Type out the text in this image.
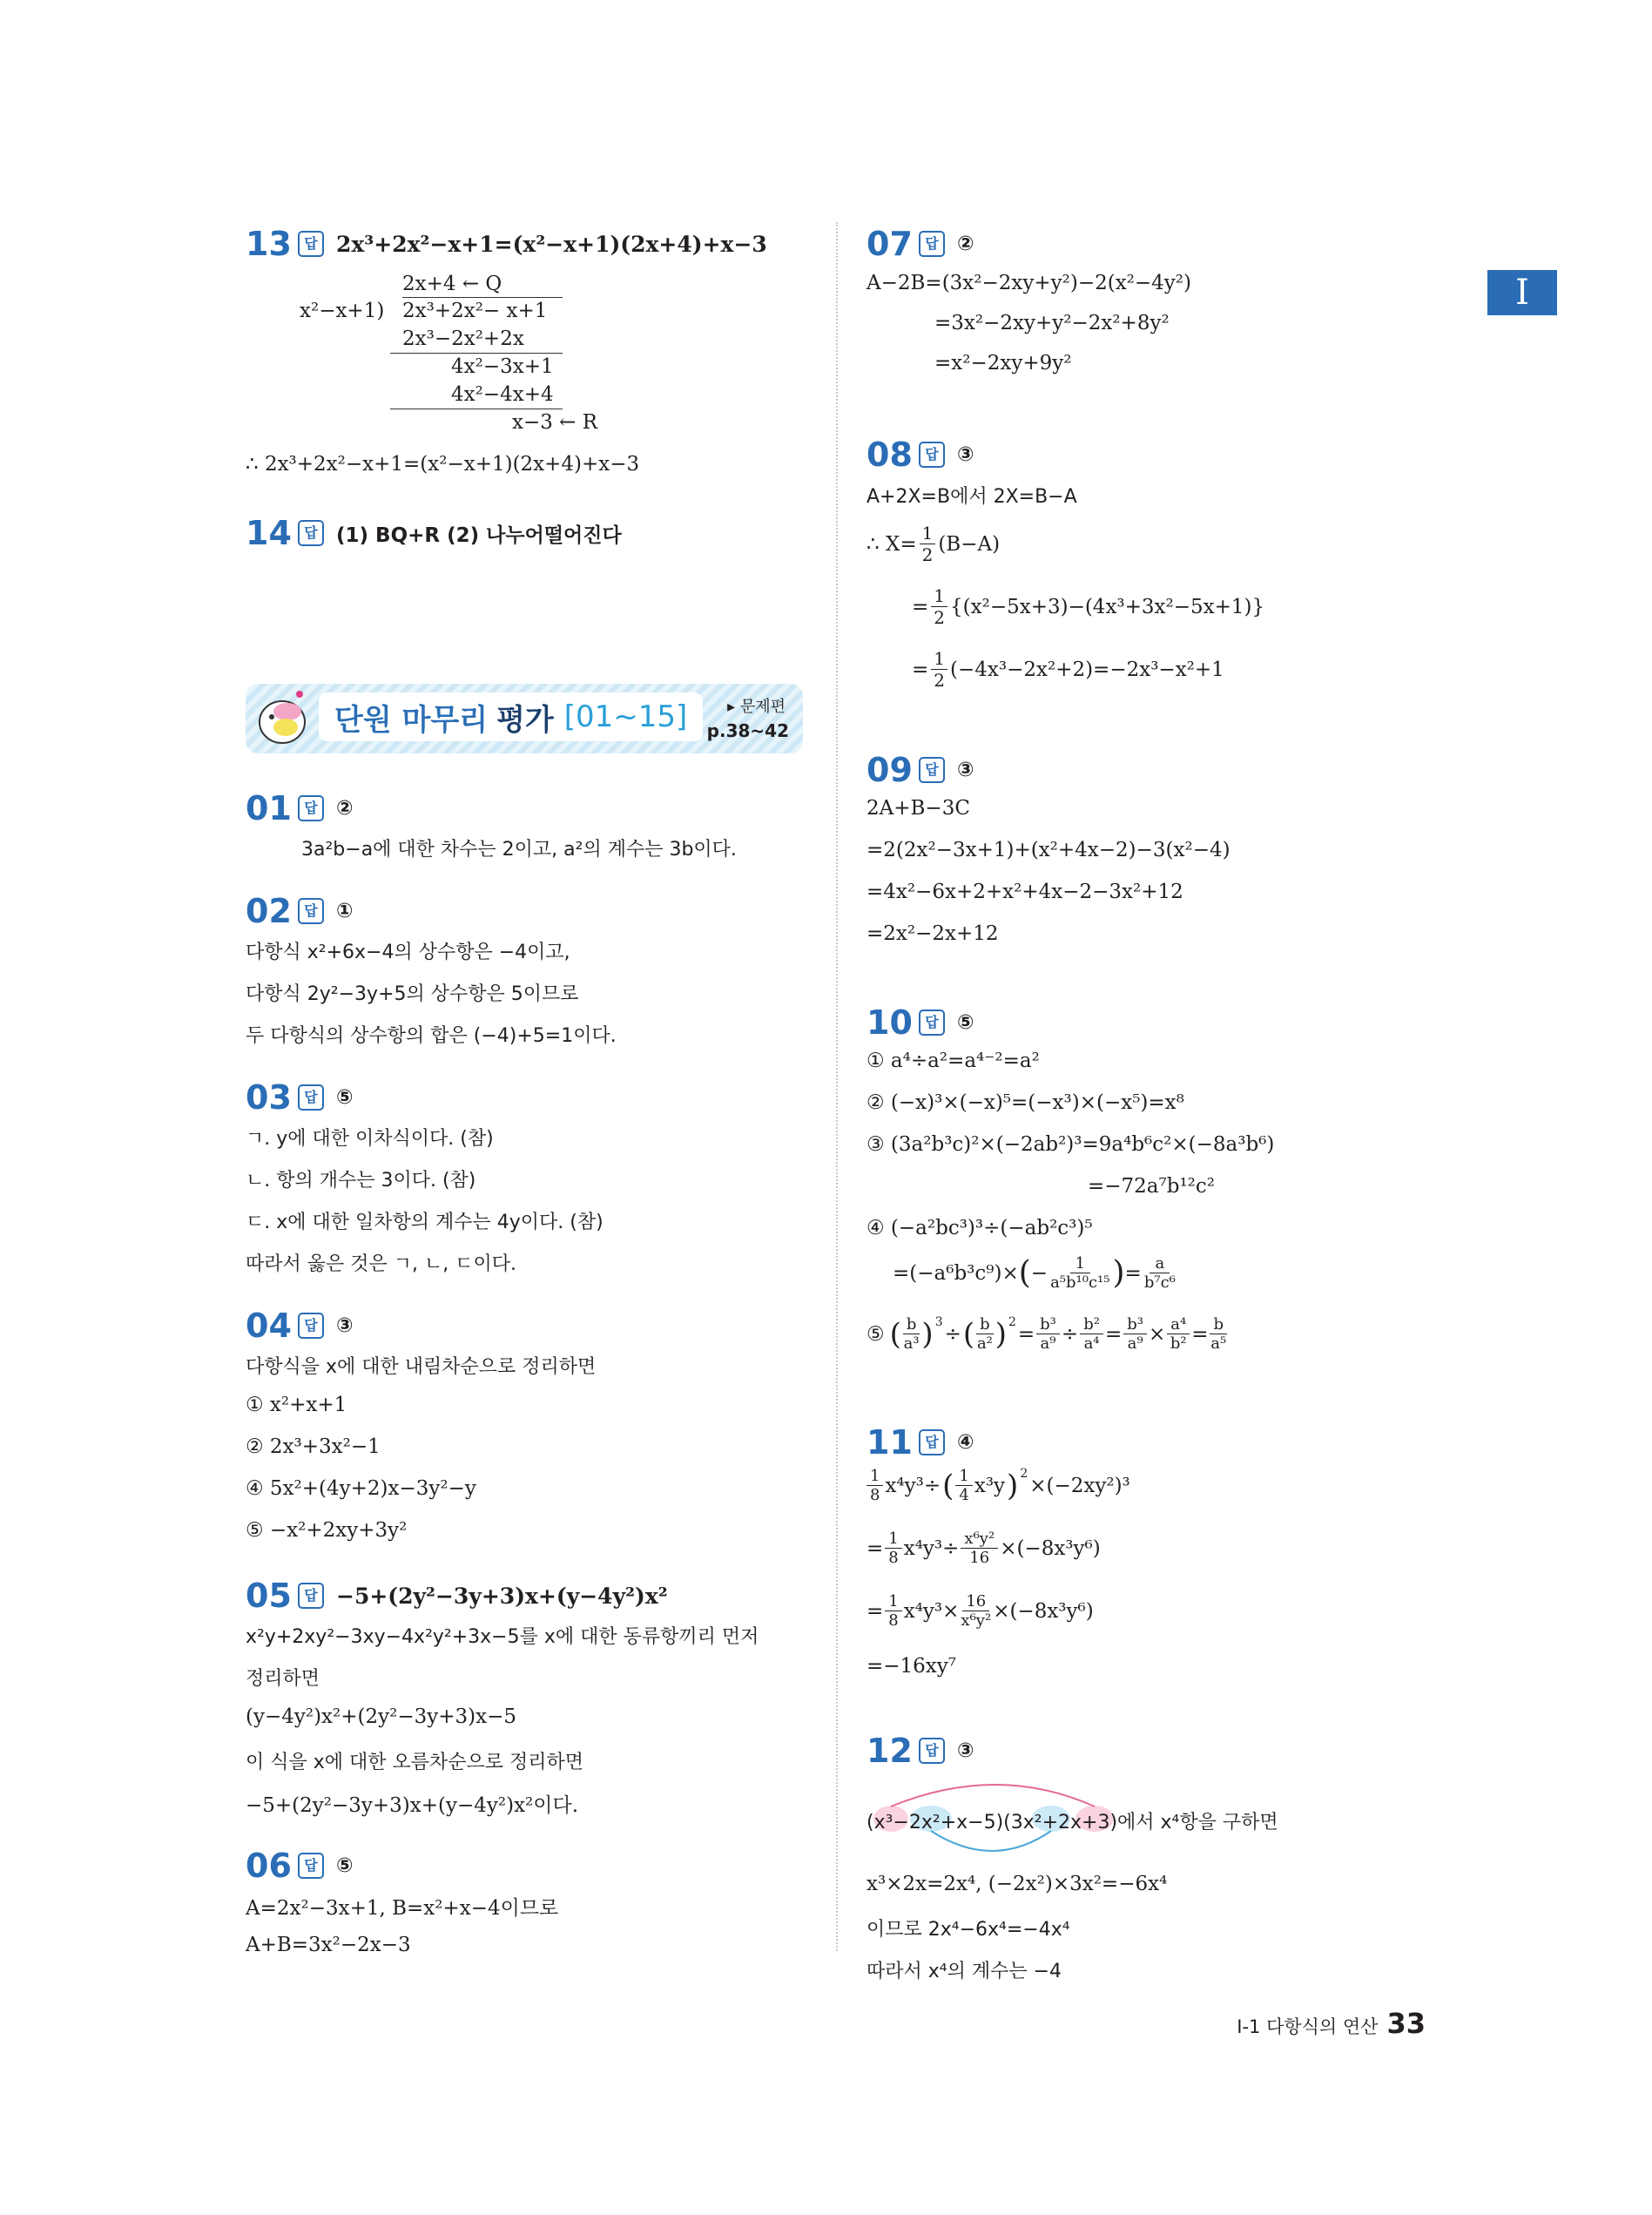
I
13 답 2x³+2x²−x+1=(x²−x+1)(2x+4)+x−3
2x+4 ← Q
x²−x+1) 2x³+2x²− x+1
2x³−2x²+2x
4x²−3x+1
4x²−4x+4
x−3 ← R
∴ 2x³+2x²−x+1=(x²−x+1)(2x+4)+x−3
14 답 (1) BQ+R (2) 나누어떨어진다
단원 마무리 평가 [01~15]	▸ 문제편
p.38~42
01 답 ②
3a²b−a에 대한 차수는 2이고, a²의 계수는 3b이다.
02 답 ①
다항식 x²+6x−4의 상수항은 −4이고,
다항식 2y²−3y+5의 상수항은 5이므로
두 다항식의 상수항의 합은 (−4)+5=1이다.
03 답 ⑤
ㄱ. y에 대한 이차식이다. (참)
ㄴ. 항의 개수는 3이다. (참)
ㄷ. x에 대한 일차항의 계수는 4y이다. (참)
따라서 옳은 것은 ㄱ, ㄴ, ㄷ이다.
04 답 ③
다항식을 x에 대한 내림차순으로 정리하면
① x²+x+1
② 2x³+3x²−1
④ 5x²+(4y+2)x−3y²−y
⑤ −x²+2xy+3y²
05 답 −5+(2y²−3y+3)x+(y−4y²)x²
x²y+2xy²−3xy−4x²y²+3x−5를 x에 대한 동류항끼리 먼저
정리하면
(y−4y²)x²+(2y²−3y+3)x−5
이 식을 x에 대한 오름차순으로 정리하면
−5+(2y²−3y+3)x+(y−4y²)x²이다.
06 답 ⑤
A=2x²−3x+1, B=x²+x−4이므로
A+B=3x²−2x−3
07 답 ②
A−2B=(3x²−2xy+y²)−2(x²−4y²)
=3x²−2xy+y²−2x²+8y²
=x²−2xy+9y²
08 답 ③
A+2X=B에서 2X=B−A
∴ $X= \frac{1}{2} (B-A)$
= $\frac{1}{2} \{(x^2-5x+3)-(4x^3+3x^2-5x+1)\}$
= $\frac{1}{2} (-4x^3-2x^2+2)=-2x^3-x^2+1$
09 답 ③
2A+B−3C
=2(2x²−3x+1)+(x²+4x−2)−3(x²−4)
=4x²−6x+2+x²+4x−2−3x²+12
=2x²−2x+12
10 답 ⑤
① a⁴÷a²=a⁴⁻²=a²
② (−x)³×(−x)⁵=(−x³)×(−x⁵)=x⁸
③ (3a²b³c)²×(−2ab²)³=9a⁴b⁶c²×(−8a³b⁶)
=−72a⁷b¹²c²
④ (−a²bc³)³÷(−ab²c³)⁵
=(−a⁶b³c⁹)× ( − $\frac{1}{\text{a⁵b¹⁰c¹⁵}}$ ) = $\frac{a}{\text{b⁷c⁶}}$
⑤ ( $\frac{b}{\text{a³}}$ ) 3
÷ ( $\frac{b}{\text{a²}}$ ) 2
= $\frac{\text{b³}}{\text{a⁹}} \div \frac{\text{b²}}{\text{a⁴}} = \frac{\text{b³}}{\text{a⁹}} \times \frac{\text{a⁴}}{\text{b²}} = \frac{b}{\text{a⁵}}$
11 답 ④
$\frac{1}{8} x^4y^3\div$ ( $\frac{1}{4} x^3y$ ) 2
×(−2xy²)³
= $\frac{1}{8} x^4y^3\div \frac{\text{x⁶y²}}{16} \times(-8x^3y^6)$
= $\frac{1}{8} x^4y^3\times \frac{16}{\text{x⁶y²}} \times(-8x^3y^6)$
=−16xy⁷
12 답 ③
(x³−2x²+x−5)(3x²+2x+3)에서 x⁴항을 구하면
x³×2x=2x⁴, (−2x²)×3x²=−6x⁴
이므로 2x⁴−6x⁴=−4x⁴
따라서 x⁴의 계수는 −4
Ⅰ-1 다항식의 연산 33
